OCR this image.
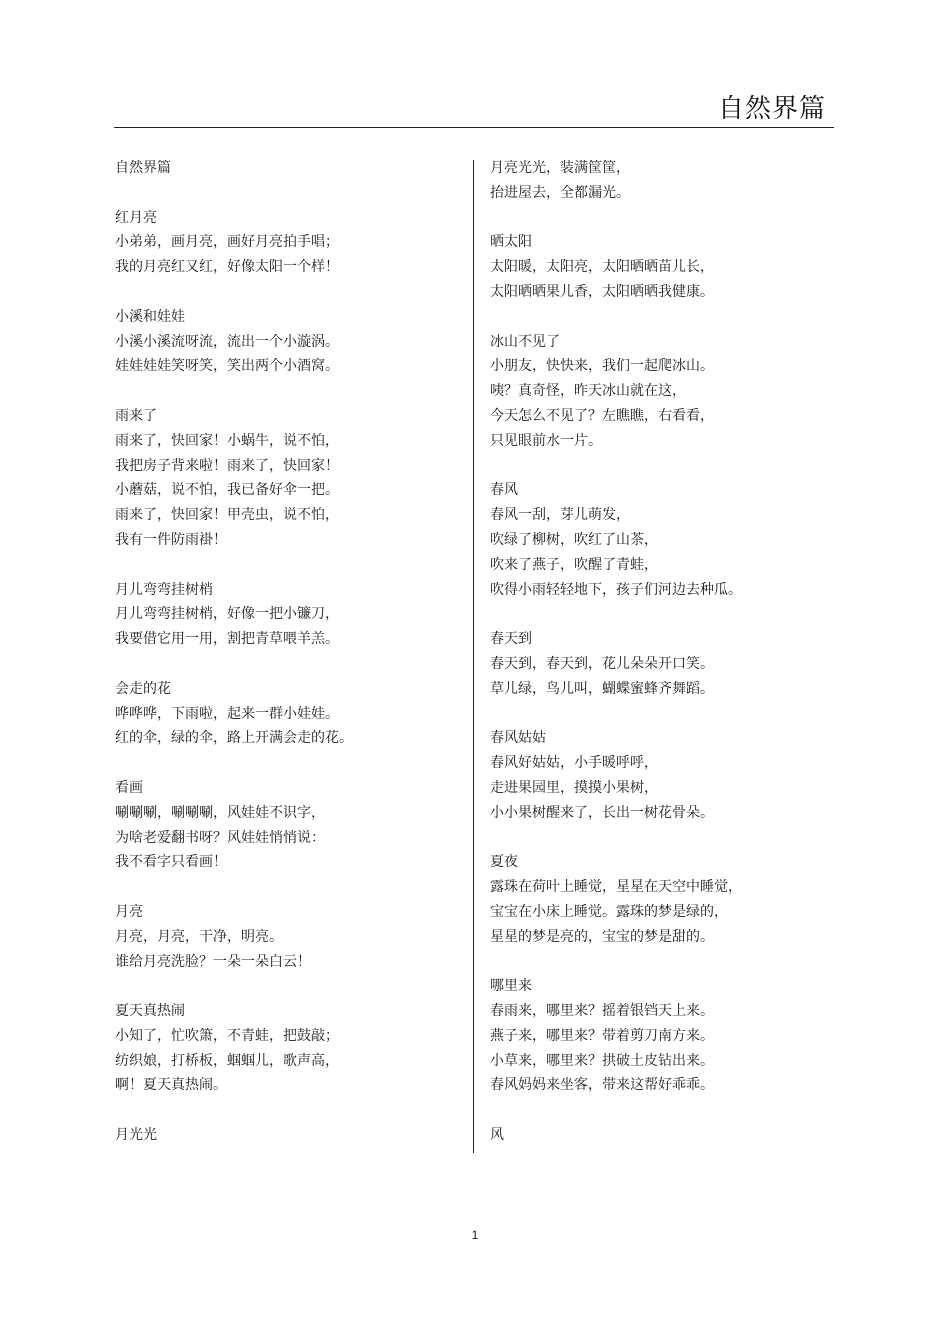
自然界篇
自然界篇
红月亮
小弟弟，画月亮，画好月亮拍手唱；
我的月亮红又红，好像太阳一个样！
小溪和娃娃
小溪小溪流呀流，流出一个小漩涡。
娃娃娃娃笑呀笑，笑出两个小酒窝。
雨来了
雨来了，快回家！小蜗牛，说不怕，
我把房子背来啦！雨来了，快回家！
小蘑菇，说不怕，我已备好伞一把。
雨来了，快回家！甲壳虫，说不怕，
我有一件防雨褂！
月儿弯弯挂树梢
月儿弯弯挂树梢，好像一把小镰刀，
我要借它用一用，割把青草喂羊羔。
会走的花
哗哗哗，下雨啦，起来一群小娃娃。
红的伞，绿的伞，路上开满会走的花。
看画
唰唰唰，唰唰唰，风娃娃不识字，
为啥老爱翻书呀？风娃娃悄悄说：
我不看字只看画！
月亮
月亮，月亮，干净，明亮。
谁给月亮洗脸？一朵一朵白云！
夏天真热闹
小知了，忙吹箫，不青蛙，把鼓敲；
纺织娘，打桥板，蝈蝈儿，歌声高，
啊！夏天真热闹。
月光光
月亮光光，装满筐筐，
抬进屋去，全都漏光。
晒太阳
太阳暖，太阳亮，太阳晒晒苗儿长，
太阳晒晒果儿香，太阳晒晒我健康。
冰山不见了
小朋友，快快来，我们一起爬冰山。
咦？真奇怪，昨天冰山就在这，
今天怎么不见了？左瞧瞧，右看看，
只见眼前水一片。
春风
春风一刮，芽儿萌发，
吹绿了柳树，吹红了山茶，
吹来了燕子，吹醒了青蛙，
吹得小雨轻轻地下，孩子们河边去种瓜。
春天到
春天到，春天到，花儿朵朵开口笑。
草儿绿，鸟儿叫，蝴蝶蜜蜂齐舞蹈。
春风姑姑
春风好姑姑，小手暖呼呼，
走进果园里，摸摸小果树，
小小果树醒来了，长出一树花骨朵。
夏夜
露珠在荷叶上睡觉，星星在天空中睡觉，
宝宝在小床上睡觉。露珠的梦是绿的，
星星的梦是亮的，宝宝的梦是甜的。
哪里来
春雨来，哪里来？摇着银铛天上来。
燕子来，哪里来？带着剪刀南方来。
小草来，哪里来？拱破土皮钻出来。
春风妈妈来坐客，带来这帮好乖乖。
风
1
